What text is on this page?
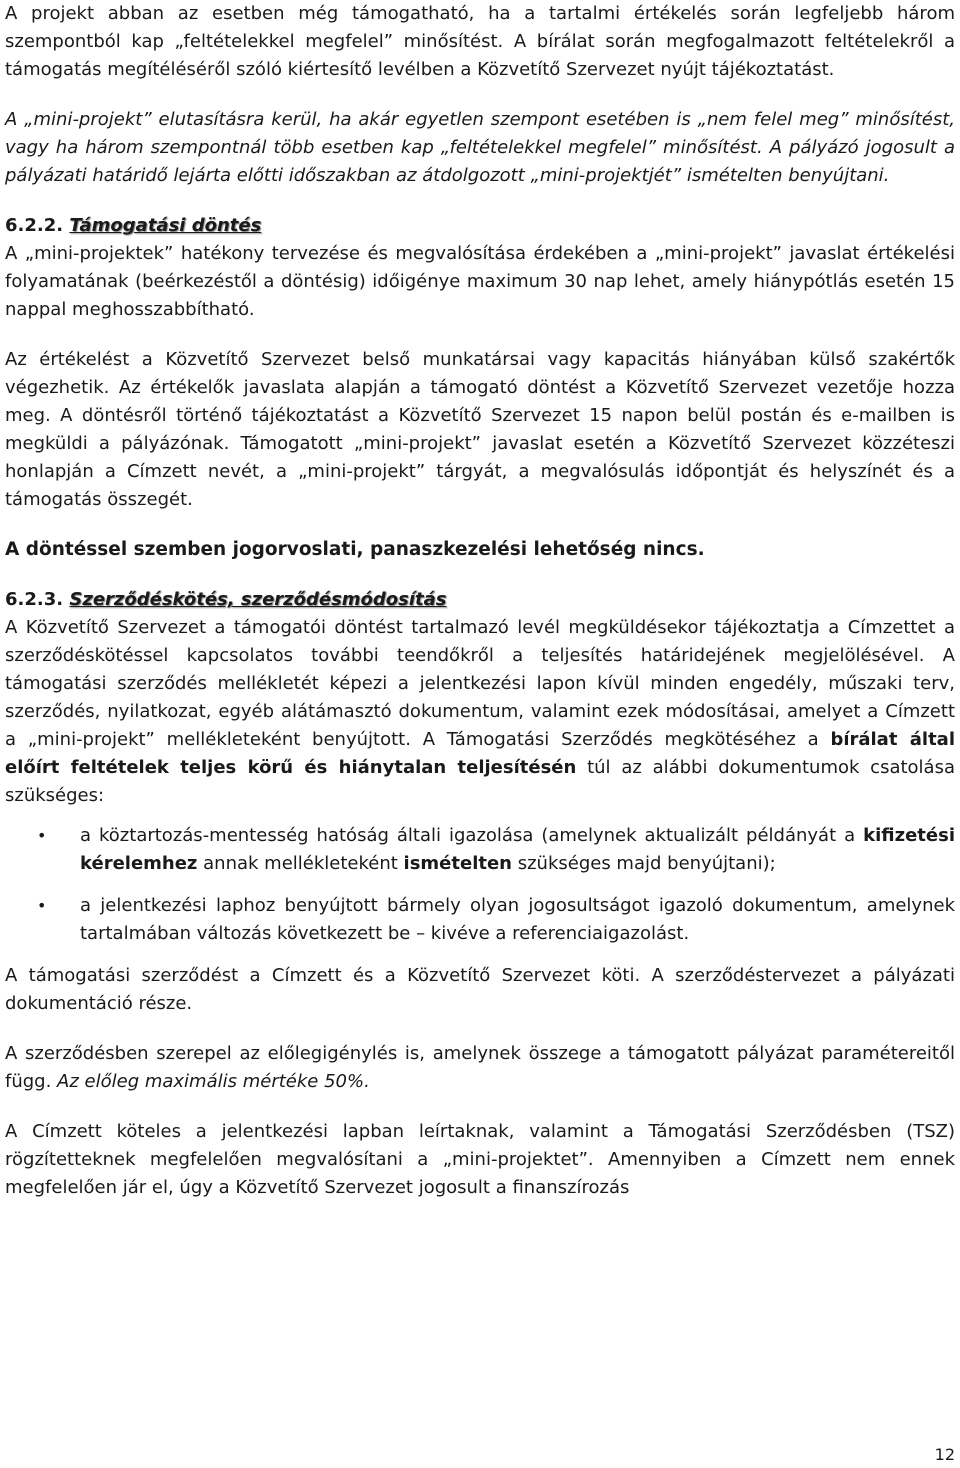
A projekt abban az esetben még támogatható, ha a tartalmi értékelés során legfeljebb három szempontból kap „feltételekkel megfelel” minősítést. A bírálat során megfogalmazott feltételekről a támogatás megítéléséről szóló kiértesítő levélben a Közvetítő Szervezet nyújt tájékoztatást.

A „mini-projekt” elutasításra kerül, ha akár egyetlen szempont esetében is „nem felel meg” minősítést, vagy ha három szempontnál több esetben kap „feltételekkel megfelel” minősítést. A pályázó jogosult a pályázati határidő lejárta előtti időszakban az átdolgozott „mini-projektjét” ismételten benyújtani.

6.2.2. Támogatási döntés

A „mini-projektek” hatékony tervezése és megvalósítása érdekében a „mini-projekt” javaslat értékelési folyamatának (beérkezéstől a döntésig) időigénye maximum 30 nap lehet, amely hiánypótlás esetén 15 nappal meghosszabbítható.

Az értékelést a Közvetítő Szervezet belső munkatársai vagy kapacitás hiányában külső szakértők végezhetik. Az értékelők javaslata alapján a támogató döntést a Közvetítő Szervezet vezetője hozza meg. A döntésről történő tájékoztatást a Közvetítő Szervezet 15 napon belül postán és e-mailben is megküldi a pályázónak. Támogatott „mini-projekt” javaslat esetén a Közvetítő Szervezet közzéteszi honlapján a Címzett nevét, a „mini-projekt” tárgyát, a megvalósulás időpontját és helyszínét és a támogatás összegét.

A döntéssel szemben jogorvoslati, panaszkezelési lehetőség nincs.
6.2.3. Szerződéskötés, szerződésmódosítás

A Közvetítő Szervezet a támogatói döntést tartalmazó levél megküldésekor tájékoztatja a Címzettet a szerződéskötéssel kapcsolatos további teendőkről a teljesítés határidejének megjelölésével. A támogatási szerződés mellékletét képezi a jelentkezési lapon kívül minden engedély, műszaki terv, szerződés, nyilatkozat, egyéb alátámasztó dokumentum, valamint ezek módosításai, amelyet a Címzett a „mini-projekt” mellékleteként benyújtott. A Támogatási Szerződés megkötéséhez a bírálat által előírt feltételek teljes körű és hiánytalan teljesítésén túl az alábbi dokumentumok csatolása szükséges:

• a köztartozás-mentesség hatóság általi igazolása (amelynek aktualizált példányát a kifizetési kérelemhez annak mellékleteként ismételten szükséges majd benyújtani);
• a jelentkezési laphoz benyújtott bármely olyan jogosultságot igazoló dokumentum, amelynek tartalmában változás következett be – kivéve a referenciaigazolást.

A támogatási szerződést a Címzett és a Közvetítő Szervezet köti. A szerződéstervezet a pályázati dokumentáció része.

A szerződésben szerepel az előlegigénylés is, amelynek összege a támogatott pályázat paramétereitől függ. Az előleg maximális mértéke 50%.

A Címzett köteles a jelentkezési lapban leírtaknak, valamint a Támogatási Szerződésben (TSZ) rögzítetteknek megfelelően megvalósítani a „mini-projektet”. Amennyiben a Címzett nem ennek megfelelően jár el, úgy a Közvetítő Szervezet jogosult a finanszírozás

12
